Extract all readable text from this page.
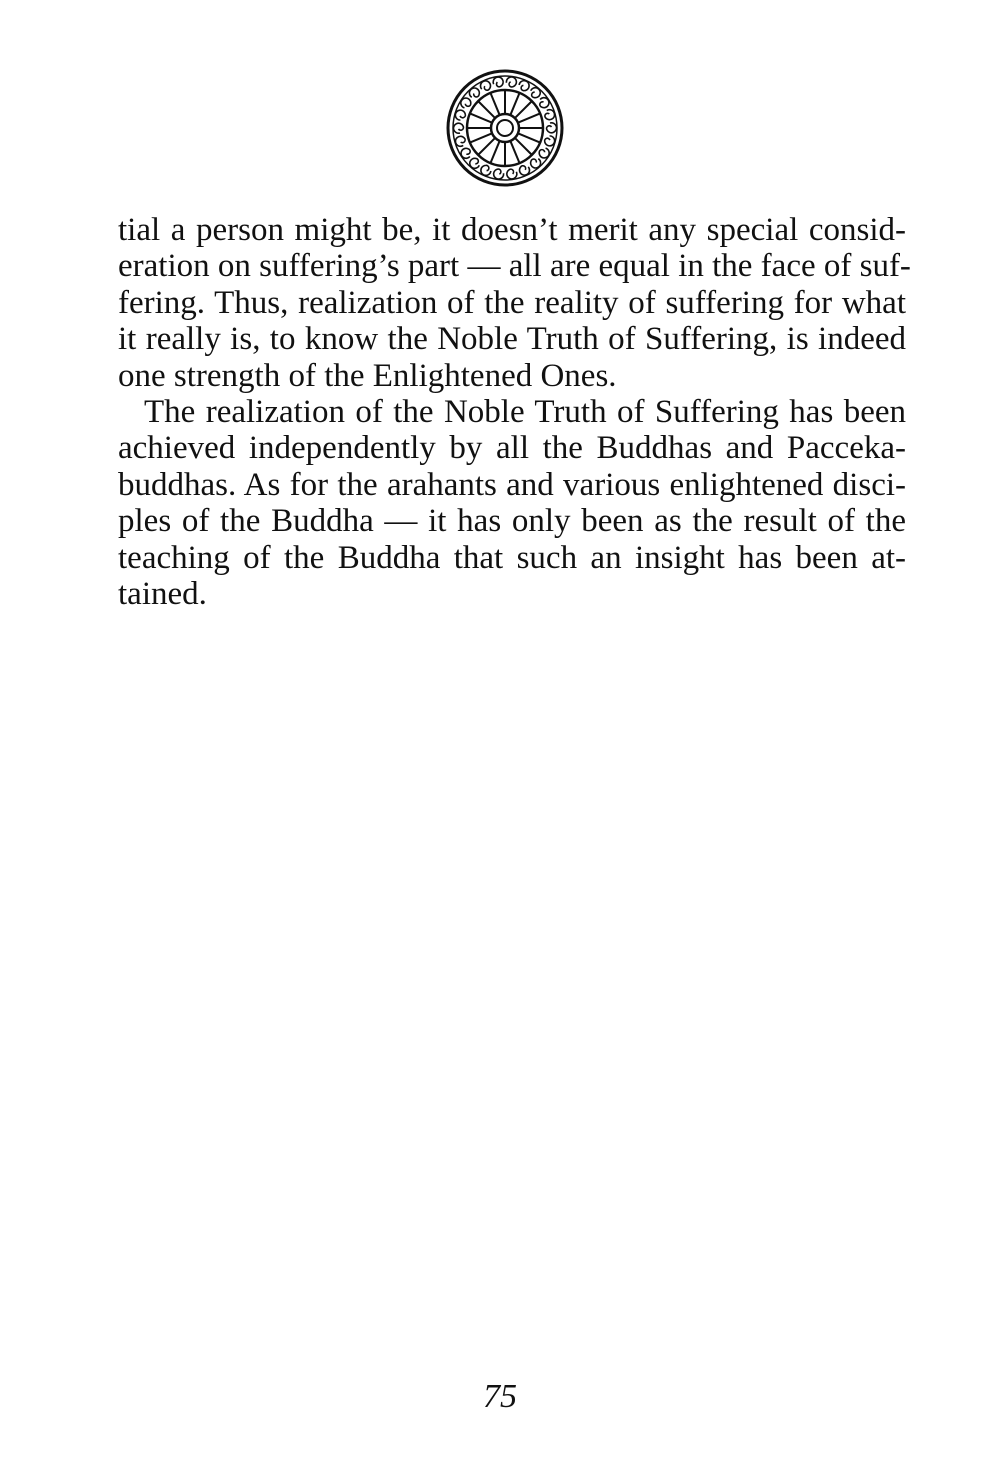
tial a person might be, it doesn’t merit any special consid-
eration on suffering’s part — all are equal in the face of suf-
fering. Thus, realization of the reality of suffering for what
it really is, to know the Noble Truth of Suffering, is indeed
one strength of the Enlightened Ones.
The realization of the Noble Truth of Suffering has been
achieved independently by all the Buddhas and Pacceka-
buddhas. As for the arahants and various enlightened disci-
ples of the Buddha — it has only been as the result of the
teaching of the Buddha that such an insight has been at-
tained.
75
